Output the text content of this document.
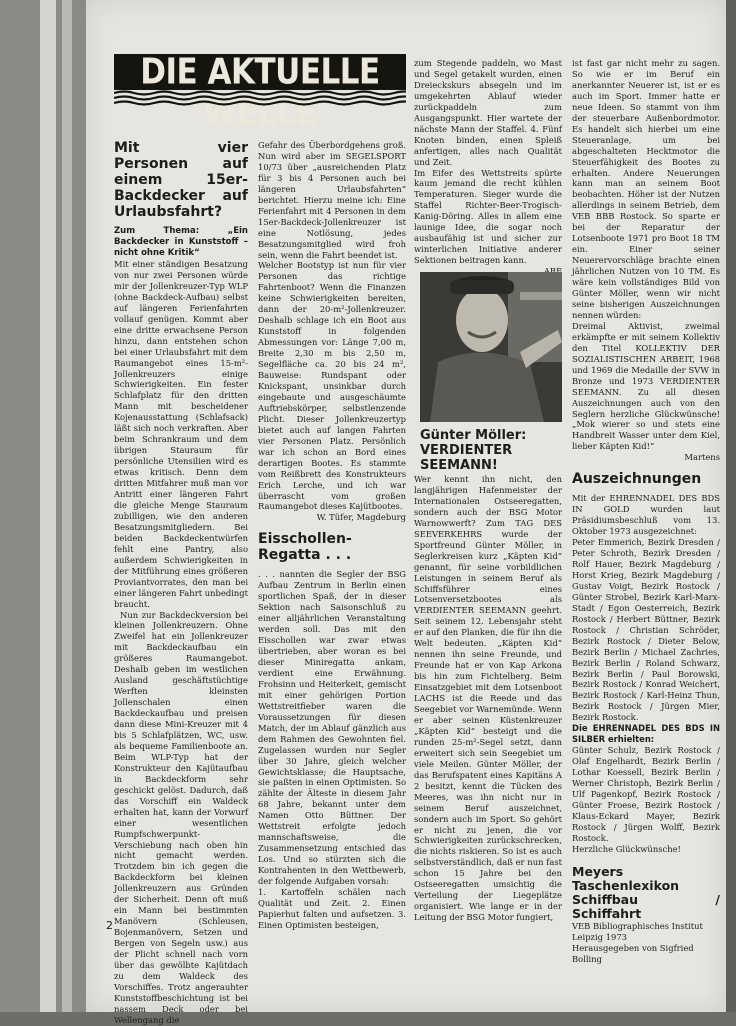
DIE AKTUELLE WELLE
Mit vier Personen auf einem 15er-Backdecker auf Urlaubsfahrt?

Zum Thema: „Ein Backdecker in Kunststoff – nicht ohne Kritik“

Mit einer ständigen Besatzung von nur zwei Personen würde mir der Jollenkreuzer-Typ WLP (ohne Backdeck-Aufbau) selbst auf längeren Ferienfahrten vollauf genügen. Kommt aber eine dritte erwachsene Person hinzu, dann entstehen schon bei einer Urlaubsfahrt mit dem Raumangebot eines 15-m²-Jollenkreuzers einige Schwierigkeiten. Ein fester Schlafplatz für den dritten Mann mit bescheidener Kojenausstattung (Schlafsack) läßt sich noch verkraften. Aber beim Schrankraum und dem übrigen Stauraum für persönliche Utensilien wird es etwas kritisch. Denn dem dritten Mitfahrer muß man vor Antritt einer längeren Fahrt die gleiche Menge Stauraum zubilligen, wie den anderen Besatzungsmitgliedern. Bei beiden Backdeckentwürfen fehlt eine Pantry, also außerdem Schwierigkeiten in der Mitführung eines größeren Proviantvorrates, den man bei einer längeren Fahrt unbedingt braucht.

Nun zur Backdeckversion bei kleinen Jollenkreuzern. Ohne Zweifel hat ein Jollenkreuzer mit Backdeckaufbau ein größeres Raumangebot. Deshalb geben im westlichen Ausland geschäftstüchtige Werften kleinsten Jollenschalen einen Backdeckaufbau und preisen dann diese Mini-Kreuzer mit 4 bis 5 Schlafplätzen, WC, usw. als bequeme Familienboote an. Beim WLP-Typ hat der Konstrukteur den Kajütaufbau in Backdeckform sehr geschickt gelöst. Dadurch, daß das Vorschiff ein Waldeck erhalten hat, kann der Vorwurf einer wesentlichen Rumpfschwerpunkt-Verschiebung nach oben hin nicht gemacht werden. Trotzdem bin ich gegen die Backdeckform bei kleinen Jollenkreuzern aus Gründen der Sicherheit. Denn oft muß ein Mann bei bestimmten Manövern (Schleusen, Bojenmanövern, Setzen und Bergen von Segeln usw.) aus der Plicht schnell nach vorn über das gewölbte Kajütdach zu dem Waldeck des Vorschiffes. Trotz angerauhter Kunststoffbeschichtung ist bei nassem Deck oder bei Wellengang die

Gefahr des Überbordgehens groß. Nun wird aber im SEGELSPORT 10/73 über „ausreichenden Platz für 3 bis 4 Personen auch bei längeren Urlaubsfahrten“ berichtet. Hierzu meine ich: Eine Ferienfahrt mit 4 Personen in dem 15er-Backdeck-Jollenkreuzer ist eine Notlösung, jedes Besatzungsmitglied wird froh sein, wenn die Fahrt beendet ist.

Welcher Bootstyp ist nun für vier Personen das richtige Fahrtenboot? Wenn die Finanzen keine Schwierigkeiten bereiten, dann der 20-m²-Jollenkreuzer. Deshalb schlage ich ein Boot aus Kunststoff in folgenden Abmessungen vor: Länge 7,00 m, Breite 2,30 m bis 2,50 m, Segelfläche ca. 20 bis 24 m², Bauweise: Rundspant oder Knickspant, unsinkbar durch eingebaute und ausgeschäumte Auftriebskörper, selbstlenzende Plicht. Dieser Jollenkreuzertyp bietet auch auf langen Fahrten vier Personen Platz. Persönlich war ich schon an Bord eines derartigen Bootes. Es stammte vom Reißbrett des Konstrukteurs Erich Lerche, und ich war überrascht vom großen Raumangebot dieses Kajütbootes.

W. Tüfer, Magdeburg

Eisschollen-Regatta . . .

. . . nannten die Segler der BSG Aufbau Zentrum in Berlin einen sportlichen Spaß, der in dieser Sektion nach Saisonschluß zu einer alljährlichen Veranstaltung werden soll. Das mit den Eisschollen war zwar etwas übertrieben, aber woran es bei dieser Miniregatta ankam, verdient eine Erwähnung. Frohsinn und Heiterkeit, gemischt mit einer gehörigen Portion Wettstreitfieber waren die Voraussetzungen für diesen Match, der im Ablauf gänzlich aus dem Rahmen des Gewohnten fiel. Zugelassen wurden nur Segler über 30 Jahre, gleich welcher Gewichtsklasse; die Hauptsache, sie paßten in einen Optimisten. So zählte der Älteste in diesem Jahr 68 Jahre, bekannt unter dem Namen Otto Büttner. Der Wettstreit erfolgte jedoch mannschaftsweise, die Zusammensetzung entschied das Los. Und so stürzten sich die Kontrahenten in den Wettbewerb, der folgende Aufgaben vorsah:

1. Kartoffeln schälen nach Qualität und Zeit. 2. Einen Papierhut falten und aufsetzen. 3. Einen Optimisten besteigen,

zum Stegende paddeln, wo Mast und Segel getakelt wurden, einen Dreieckskurs absegeln und im umgekehrten Ablauf wieder zurückpaddeln zum Ausgangspunkt. Hier wartete der nächste Mann der Staffel. 4. Fünf Knoten binden, einen Spleiß anfertigen, alles nach Qualität und Zeit.

Im Eifer des Wettstreits spürte kaum jemand die recht kühlen Temperaturen. Sieger wurde die Staffel Richter-Beer-Trogisch-Kanig-Döring. Alles in allem eine launige Idee, die sogar noch ausbaufähig ist und sicher zur winterlichen Initiative anderer Sektionen beitragen kann.

Günter Möller: VERDIENTER SEEMANN!

Wer kennt ihn nicht, den langjährigen Hafenmeister der Internationalen Ostseeregatten, sondern auch der BSG Motor Warnowwerft? Zum TAG DES SEEVERKEHRS wurde der Sportfreund Günter Möller, in Seglerkreisen kurz „Käpten Kid“ genannt, für seine vorbildlichen Leistungen in seinem Beruf als Schiffsführer eines Lotsenversetzbootes als VERDIENTER SEEMANN geehrt. Seit seinem 12. Lebensjahr steht er auf den Planken, die für ihn die Welt bedeuten. „Käpten Kid“ nennen ihn seine Freunde, und Freunde hat er von Kap Arkona bis hin zum Fichtelberg. Beim Einsatzgebiet mit dem Lotsenboot LACHS ist die Reede und das Seegebiet vor Warnemünde. Wenn er aber seinen Küstenkreuzer „Käpten Kid“ besteigt und die runden 25-m²-Segel setzt, dann erweitert sich sein Seegebiet um viele Meilen. Günter Möller, der das Berufspatent eines Kapitäns A 2 besitzt, kennt die Tücken des Meeres, was ihn nicht nur in seinem Beruf auszeichnet, sondern auch im Sport. So gehört er nicht zu jenen, die vor Schwierigkeiten zurückschrecken, die nichts riskieren. So ist es auch selbstverständlich, daß er nun fast schon 15 Jahre bei den Ostseeregatten umsichtig die Verteilung der Liegeplätze organisiert. Wie lange er in der Leitung der BSG Motor fungiert,

ist fast gar nicht mehr zu sagen. So wie er im Beruf ein anerkannter Neuerer ist, ist er es auch im Sport. Immer hatte er neue Ideen. So stammt von ihm der steuerbare Außenbordmotor. Es handelt sich hierbei um eine Steueranlage, um bei abgeschalteten Hecktmotor die Steuerfähigkeit des Bootes zu erhalten. Andere Neuerungen kann man an seinem Boot beobachten. Höher ist der Nutzen allerdings in seinem Betrieb, dem VEB BBB Rostock. So sparte er bei der Reparatur der Lotsenboote 1971 pro Boot 18 TM ein. Einer seiner Neuerervorschläge brachte einen jährlichen Nutzen von 10 TM. Es wäre kein vollständiges Bild von Günter Möller, wenn wir nicht seine bisherigen Auszeichnungen nennen würden:

Dreimal Aktivist, zweimal erkämpfte er mit seinem Kollektiv den Titel KOLLEKTIV DER SOZIALISTISCHEN ARBEIT, 1968 und 1969 die Medaille der SVW in Bronze und 1973 VERDIENTER SEEMANN. Zu all diesen Auszeichnungen auch von den Seglern herzliche Glückwünsche! „Mok wierer so und stets eine Handbreit Wasser unter dem Kiel, lieber Käpten Kid!“

Martens

Auszeichnungen

Mit der EHRENNADEL DES BDS IN GOLD wurden laut Präsidiumsbeschluß vom 13. Oktober 1973 ausgezeichnet:

Peter Emmerich, Bezirk Dresden / Peter Schroth, Bezirk Dresden / Rolf Hauer, Bezirk Magdeburg / Horst Krieg, Bezirk Magdeburg / Gustav Voigt, Bezirk Rostock / Günter Strobel, Bezirk Karl-Marx-Stadt / Egon Oesterreich, Bezirk Rostock / Herbert Büttner, Bezirk Rostock / Christian Schröder, Bezirk Rostock / Dieter Below, Bezirk Berlin / Michael Zachries, Bezirk Berlin / Roland Schwarz, Bezirk Berlin / Paul Borowski, Bezirk Rostock / Konrad Weichert, Bezirk Rostock / Karl-Heinz Thun, Bezirk Rostock / Jürgen Mier, Bezirk Rostock.

Die EHRENNADEL DES BDS IN SILBER erhielten:

Günter Schulz, Bezirk Rostock / Olaf Engelhardt, Bezirk Berlin / Lothar Koessell, Bezirk Berlin / Werner Christoph, Bezirk Berlin / Ulf Pagenkopf, Bezirk Rostock / Günter Froese, Bezirk Rostock / Klaus-Eckard Mayer, Bezirk Rostock / Jürgen Wolff, Bezirk Rostock.

Herzliche Glückwünsche!

Meyers Taschenlexikon Schiffbau / Schiffahrt

VEB Bibliographisches Institut Leipzig 1973

Herausgegeben von Sigfried Bolling

2
